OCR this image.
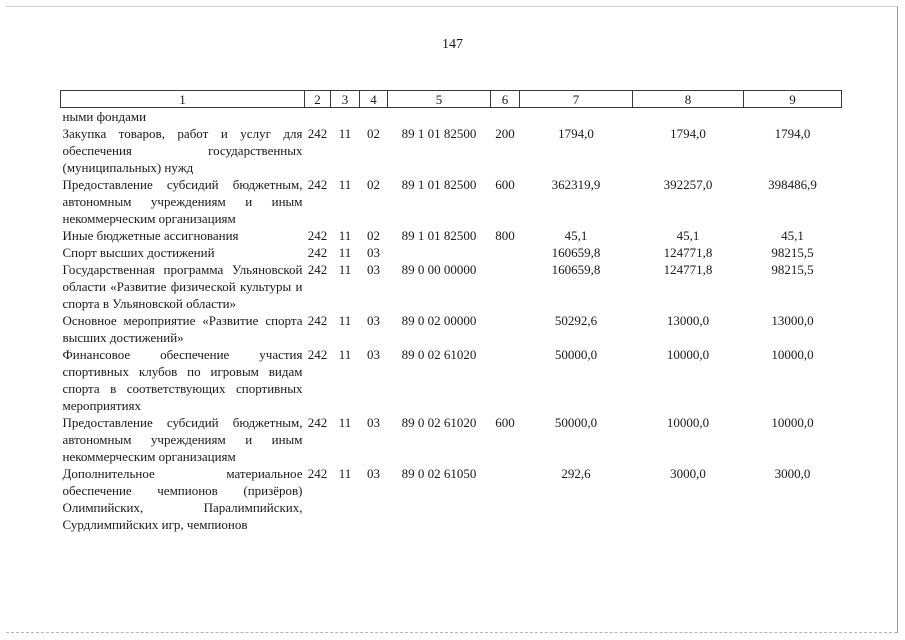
147
1	2	3	4	5	6	7	8	9
ными фондами								
Закупка товаров, работ и услуг для обеспечения государственных (муниципальных) нужд	242	11	02	89 1 01 82500	200	1794,0	1794,0	1794,0
Предоставление субсидий бюджетным, автономным учреждениям и иным некоммерческим организациям	242	11	02	89 1 01 82500	600	362319,9	392257,0	398486,9
Иные бюджетные ассигнования	242	11	02	89 1 01 82500	800	45,1	45,1	45,1
Спорт высших достижений	242	11	03			160659,8	124771,8	98215,5
Государственная программа Ульяновской области «Развитие физической культуры и спорта в Ульяновской области»	242	11	03	89 0 00 00000		160659,8	124771,8	98215,5
Основное мероприятие «Развитие спорта высших достижений»	242	11	03	89 0 02 00000		50292,6	13000,0	13000,0
Финансовое обеспечение участия спортивных клубов по игровым видам спорта в соответствующих спортивных мероприятиях	242	11	03	89 0 02 61020		50000,0	10000,0	10000,0
Предоставление субсидий бюджетным, автономным учреждениям и иным некоммерческим организациям	242	11	03	89 0 02 61020	600	50000,0	10000,0	10000,0
Дополнительное материальное обеспечение чемпионов (призёров) Олимпийских, Паралимпийских, Сурдлимпийских игр, чемпионов	242	11	03	89 0 02 61050		292,6	3000,0	3000,0
